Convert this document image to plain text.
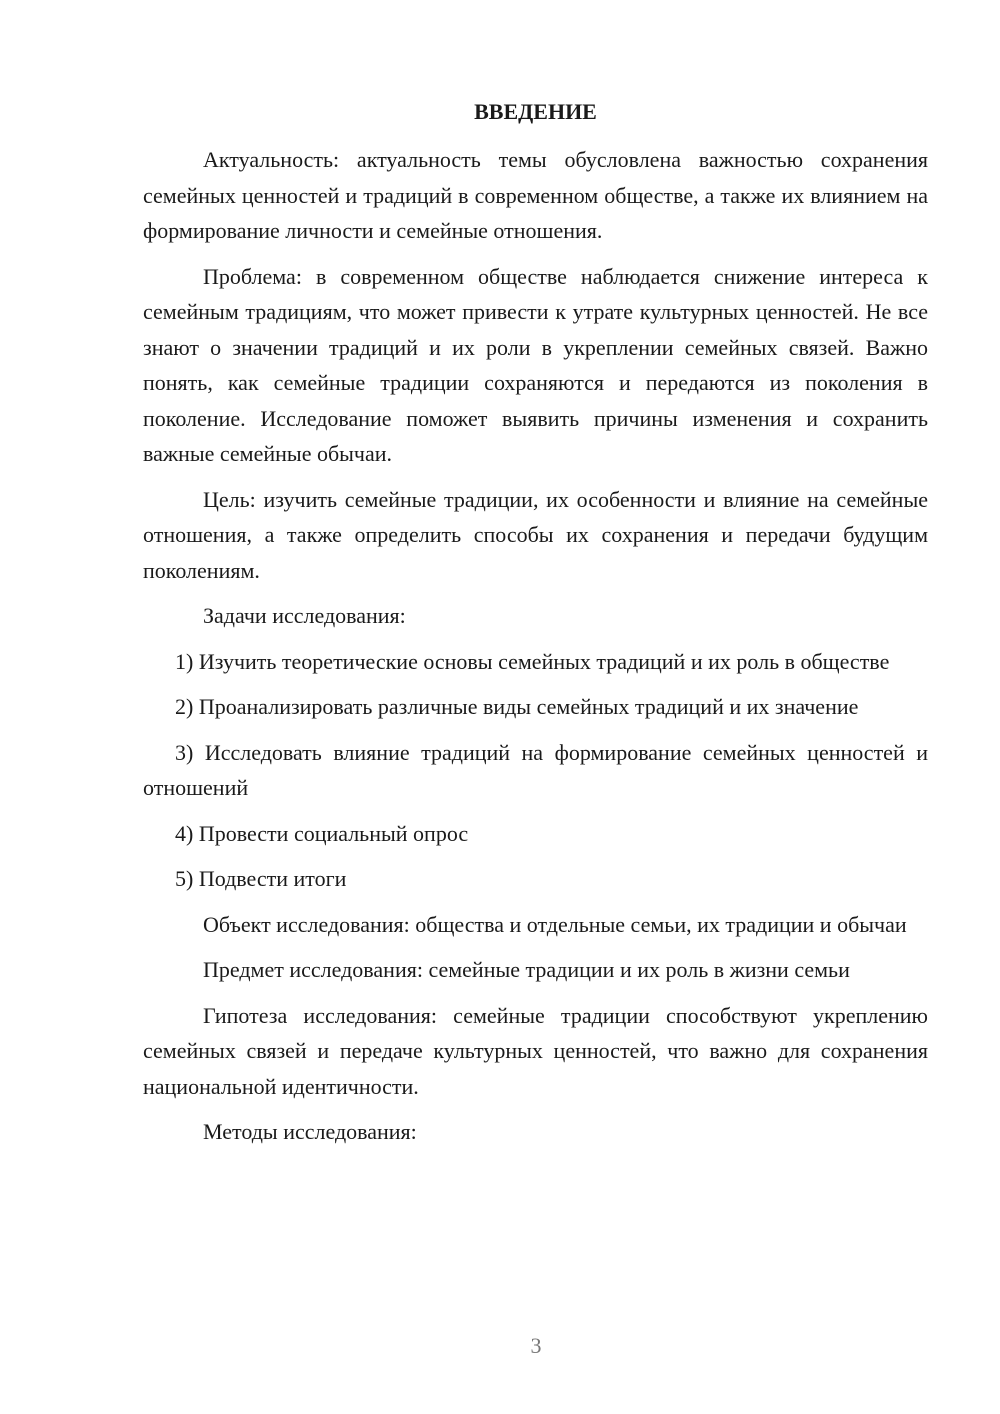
ВВЕДЕНИЕ

Актуальность: актуальность темы обусловлена важностью сохранения семейных ценностей и традиций в современном обществе, а также их влиянием на формирование личности и семейные отношения.

Проблема: в современном обществе наблюдается снижение интереса к семейным традициям, что может привести к утрате культурных ценностей. Не все знают о значении традиций и их роли в укреплении семейных связей. Важно понять, как семейные традиции сохраняются и передаются из поколения в поколение. Исследование поможет выявить причины изменения и сохранить важные семейные обычаи.

Цель: изучить семейные традиции, их особенности и влияние на семейные отношения, а также определить способы их сохранения и передачи будущим поколениям.

Задачи исследования:

1) Изучить теоретические основы семейных традиций и их роль в обществе

2) Проанализировать различные виды семейных традиций и их значение

3) Исследовать влияние традиций на формирование семейных ценностей и отношений

4) Провести социальный опрос

5) Подвести итоги

Объект исследования: общества и отдельные семьи, их традиции и обычаи

Предмет исследования: семейные традиции и их роль в жизни семьи

Гипотеза исследования: семейные традиции способствуют укреплению семейных связей и передаче культурных ценностей, что важно для сохранения национальной идентичности.

Методы исследования:

3
